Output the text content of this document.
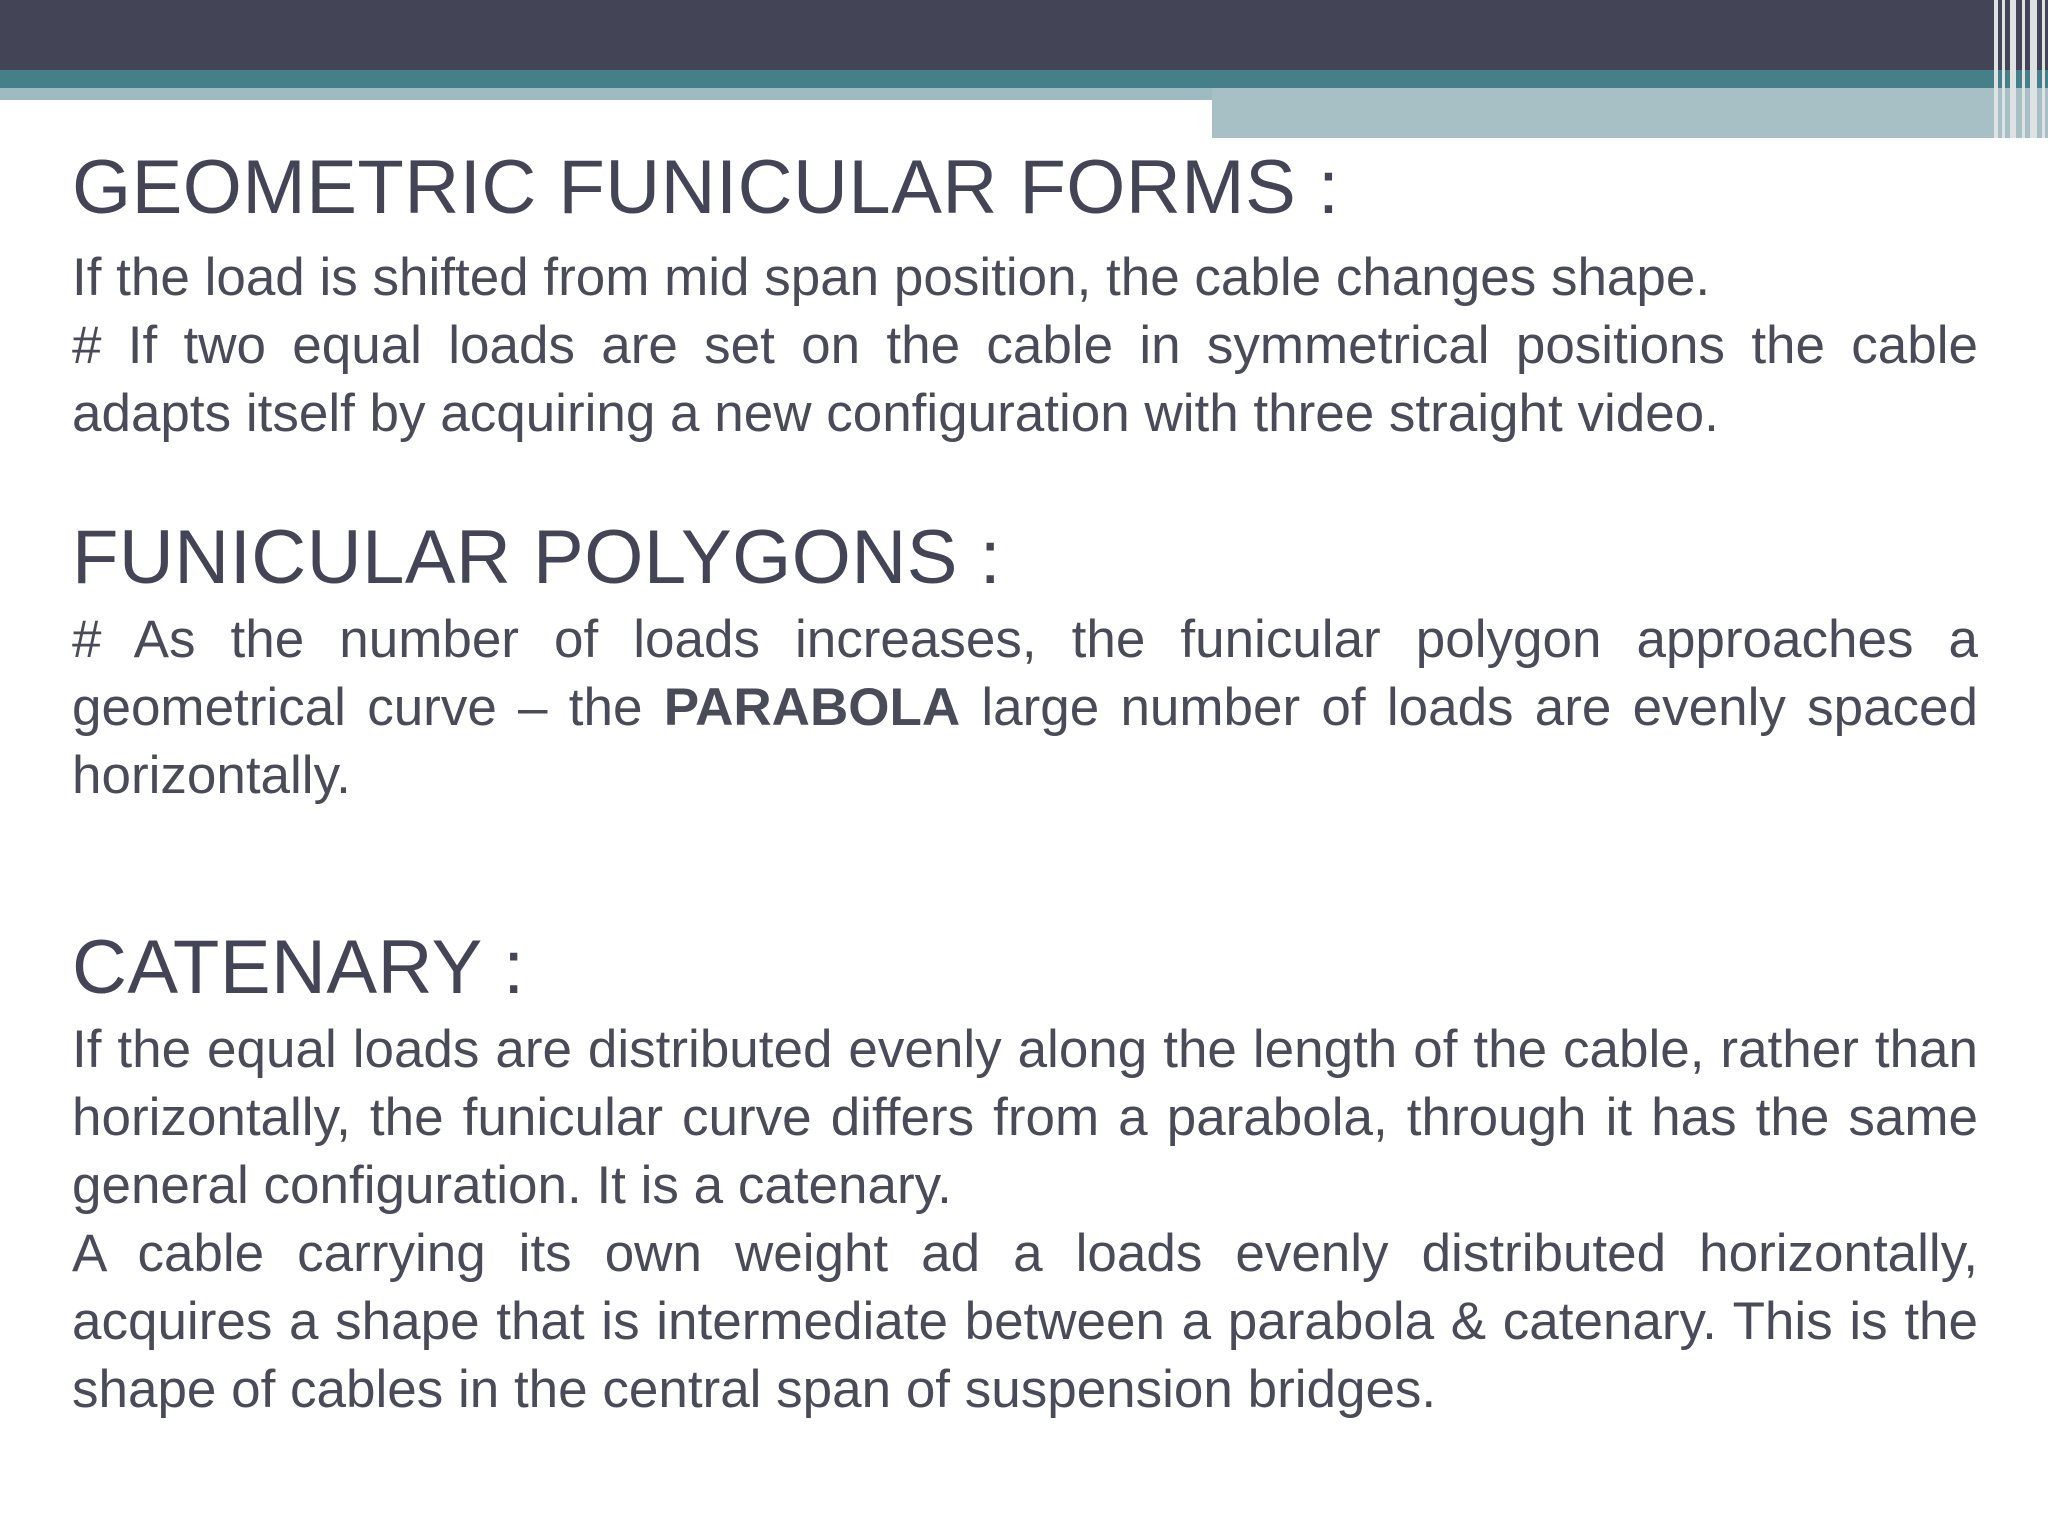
GEOMETRIC FUNICULAR FORMS :

If the load is shifted from mid span position, the cable changes shape.
# If two equal loads are set on the cable in symmetrical positions the cable adapts itself by acquiring a new configuration with three straight video.

FUNICULAR POLYGONS :

# As the number of loads increases, the funicular polygon approaches a geometrical curve – the PARABOLA large number of loads are evenly spaced horizontally.

CATENARY :

If the equal loads are distributed evenly along the length of the cable, rather than horizontally, the funicular curve differs from a parabola, through it has the same general configuration. It is a catenary.
A cable carrying its own weight ad a loads evenly distributed horizontally, acquires a shape that is intermediate between a parabola & catenary. This is the shape of cables in the central span of suspension bridges.
